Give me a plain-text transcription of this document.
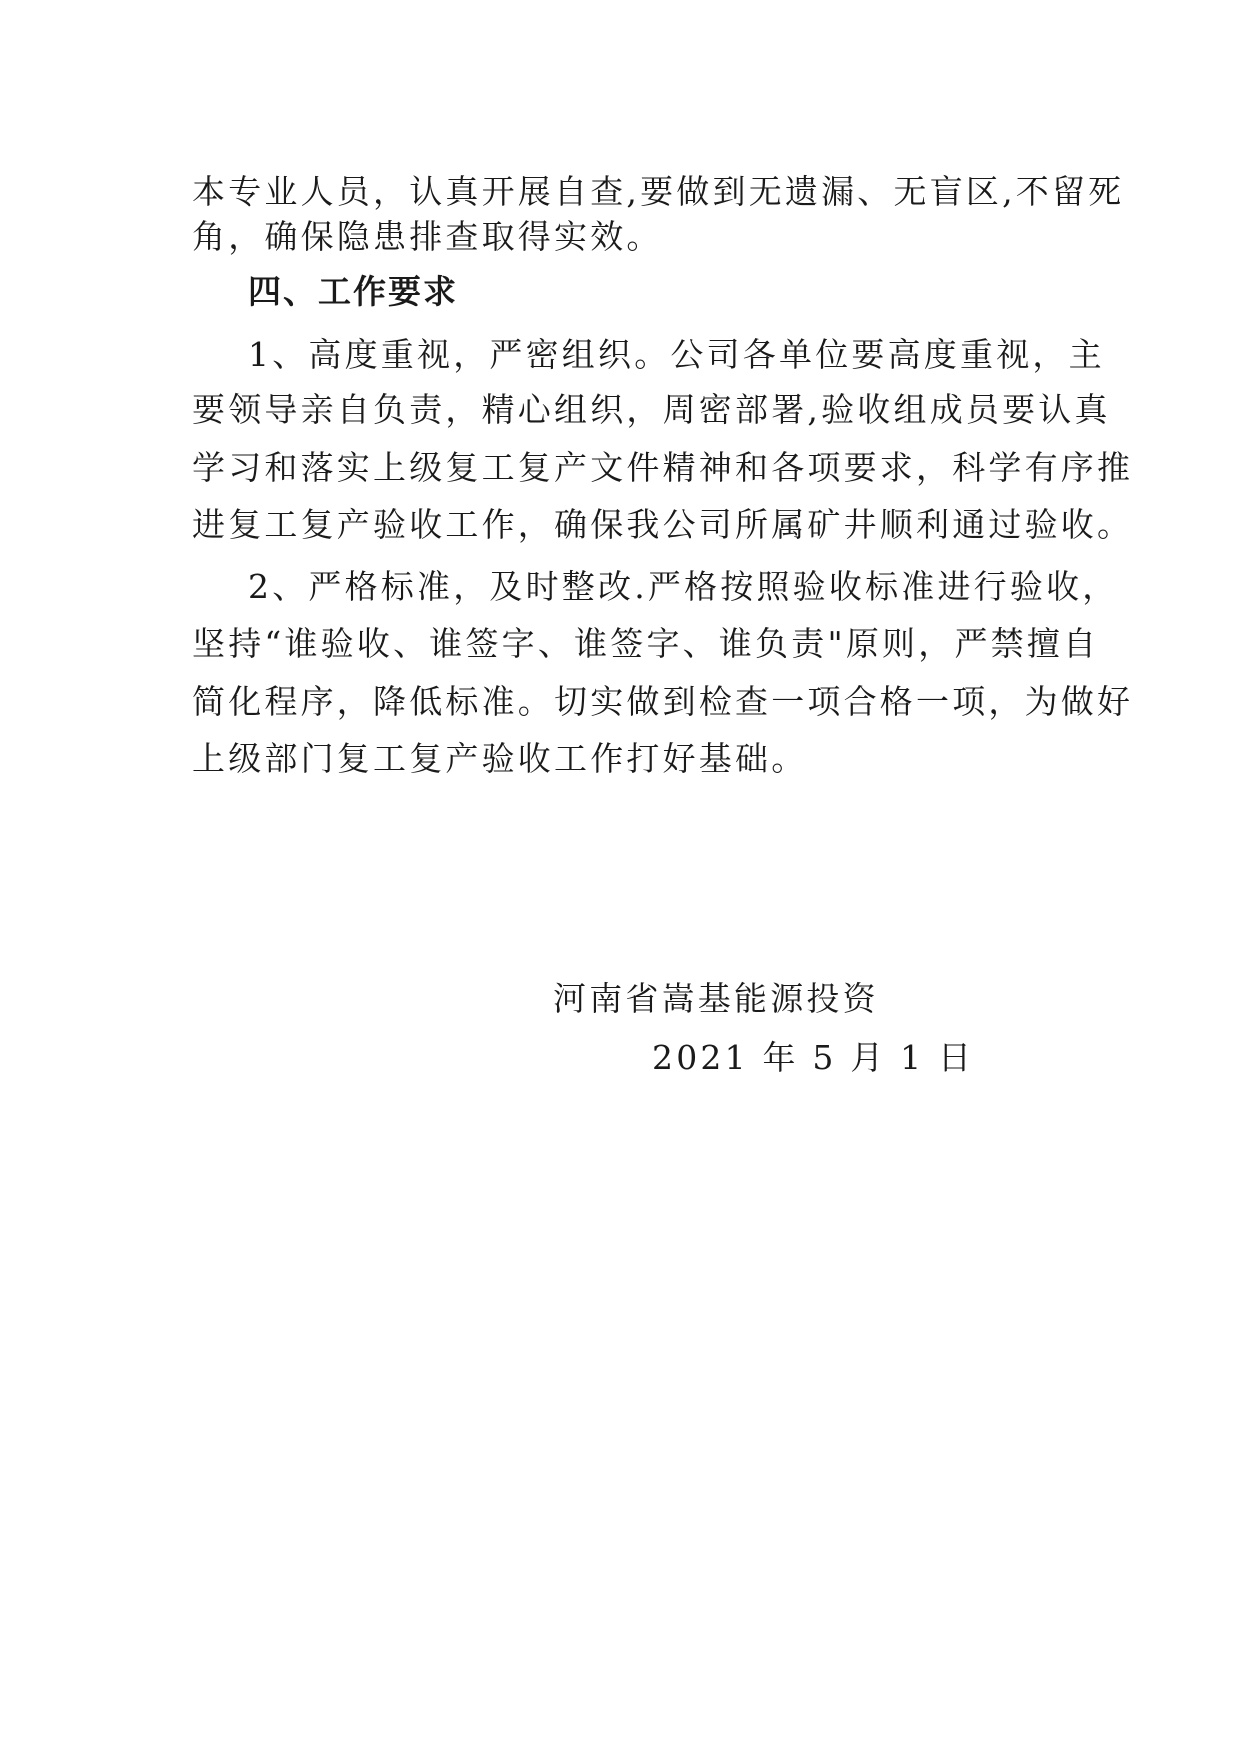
本专业人员，认真开展自查,要做到无遗漏、无盲区,不留死
角，确保隐患排查取得实效。
四、工作要求
1、高度重视，严密组织。公司各单位要高度重视，主
要领导亲自负责，精心组织，周密部署,验收组成员要认真
学习和落实上级复工复产文件精神和各项要求，科学有序推
进复工复产验收工作，确保我公司所属矿井顺利通过验收。
2、严格标准，及时整改.严格按照验收标准进行验收，
坚持“谁验收、谁签字、谁签字、谁负责"原则，严禁擅自
简化程序，降低标准。切实做到检查一项合格一项，为做好
上级部门复工复产验收工作打好基础。
河南省嵩基能源投资
2021 年 5 月 1 日
